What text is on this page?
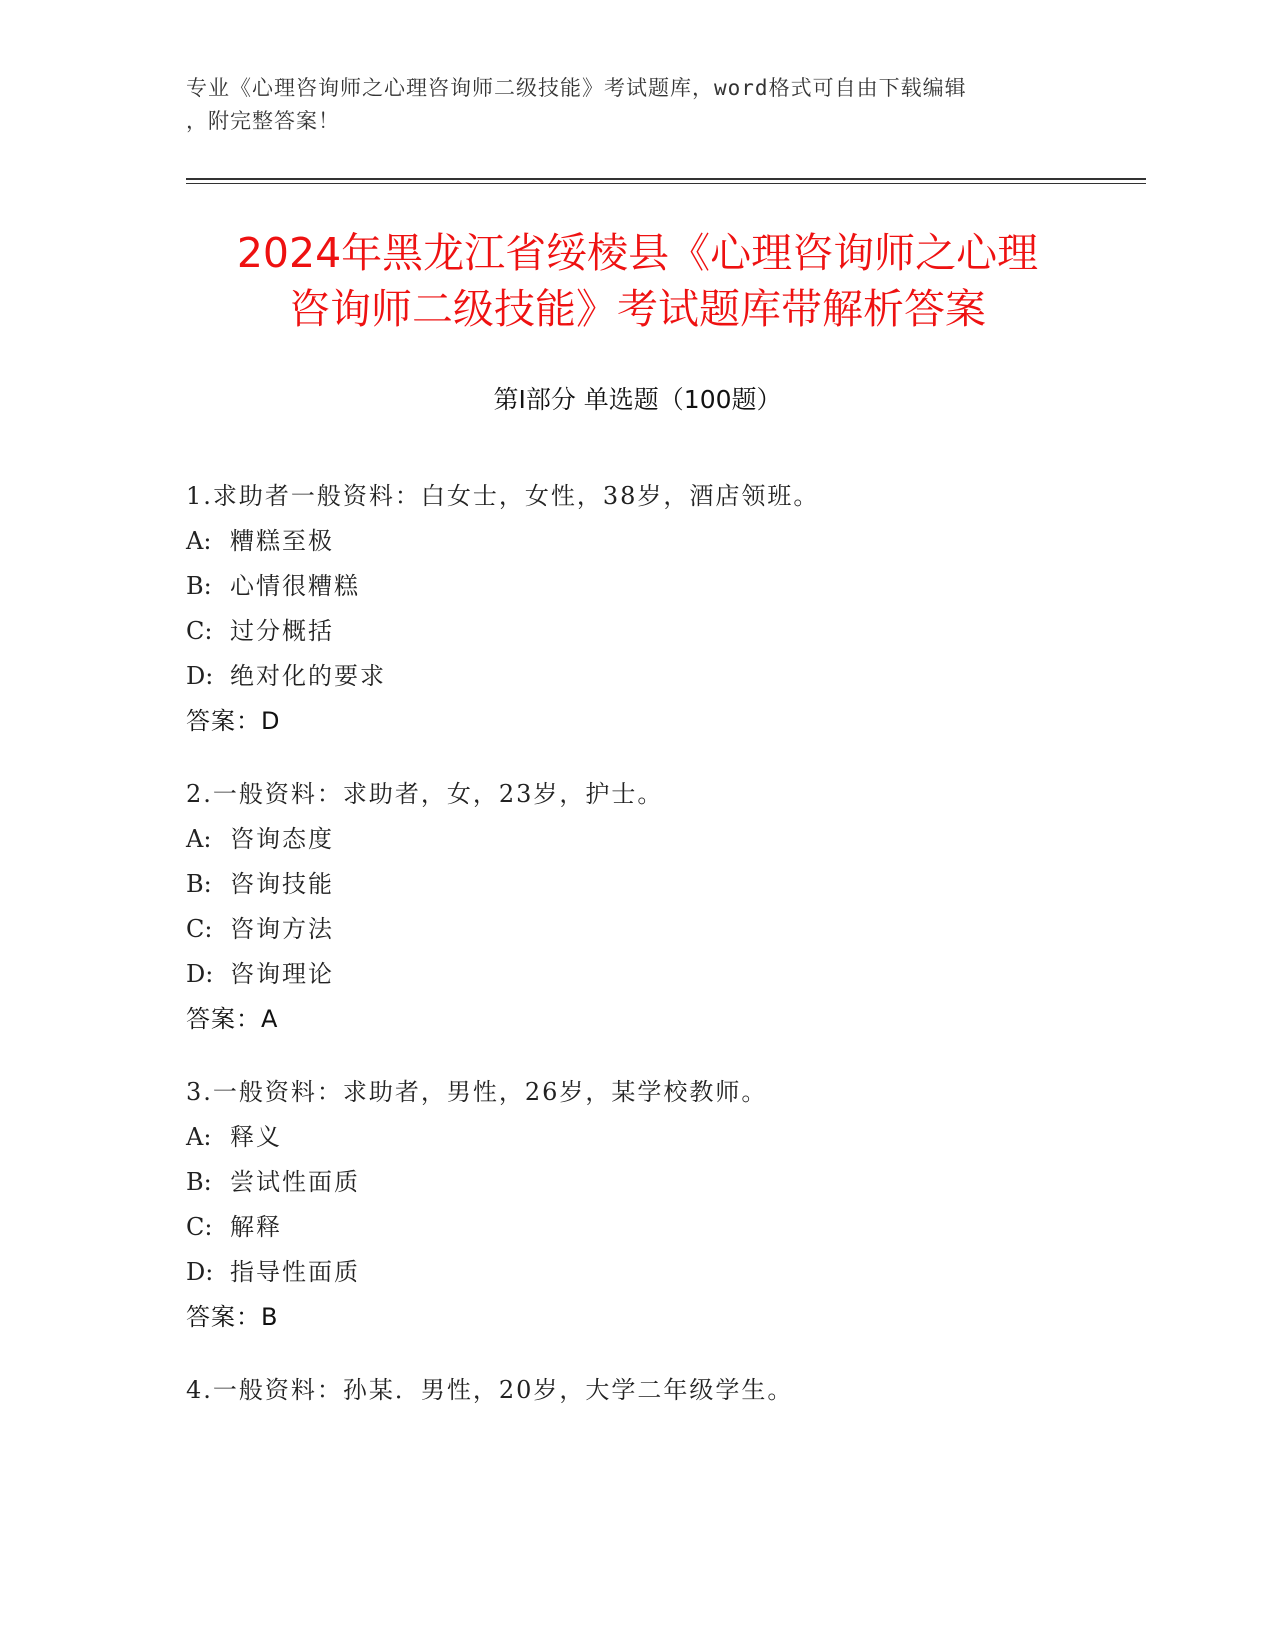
专业《心理咨询师之心理咨询师二级技能》考试题库，word格式可自由下载编辑
，附完整答案！
2024年黑龙江省绥棱县《心理咨询师之心理
咨询师二级技能》考试题库带解析答案
第Ⅰ部分 单选题（100题）
1.求助者一般资料：白女士，女性，38岁，酒店领班。
A: 糟糕至极
B: 心情很糟糕
C: 过分概括
D: 绝对化的要求
答案：D
2.一般资料：求助者，女，23岁，护士。
A: 咨询态度
B: 咨询技能
C: 咨询方法
D: 咨询理论
答案：A
3.一般资料：求助者，男性，26岁，某学校教师。
A: 释义
B: 尝试性面质
C: 解释
D: 指导性面质
答案：B
4.一般资料：孙某．男性，20岁，大学二年级学生。
